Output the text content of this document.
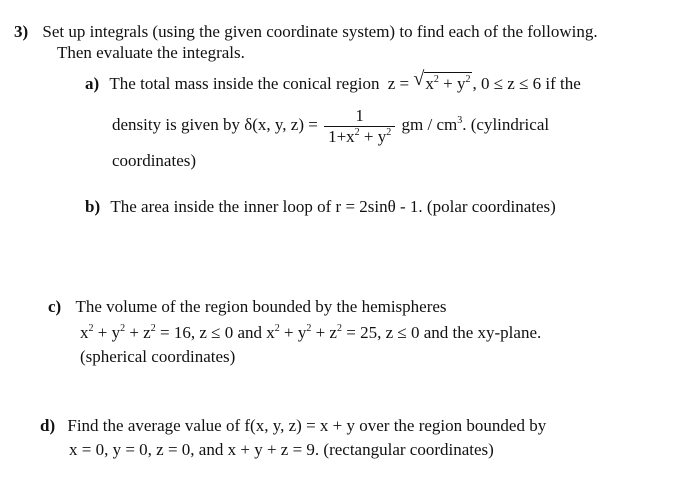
3) Set up integrals (using the given coordinate system) to find each of the following.
Then evaluate the integrals.
a) The total mass inside the conical region z = √ $x^2 + y^2$ , 0 ≤ z ≤ 6 if the
density is given by δ(x, y, $z) = \frac{1}{1+x^2 + y^2}$ gm / $cm^3$. (cylindrical
coordinates)
b) The area inside the inner loop of r = 2sinθ - 1. (polar coordinates)
c) The volume of the region bounded by the hemispheres
$x^2 + y^2 + z^2 = 16$, z ≤ 0 and $x^2 + y^2 + z^2 = 25$, z ≤ 0 and the xy-plane.
(spherical coordinates)
d) Find the average value of f(x, y, z) = x + y over the region bounded by
x = 0, y = 0, z = 0, and x + y + z = 9. (rectangular coordinates)
